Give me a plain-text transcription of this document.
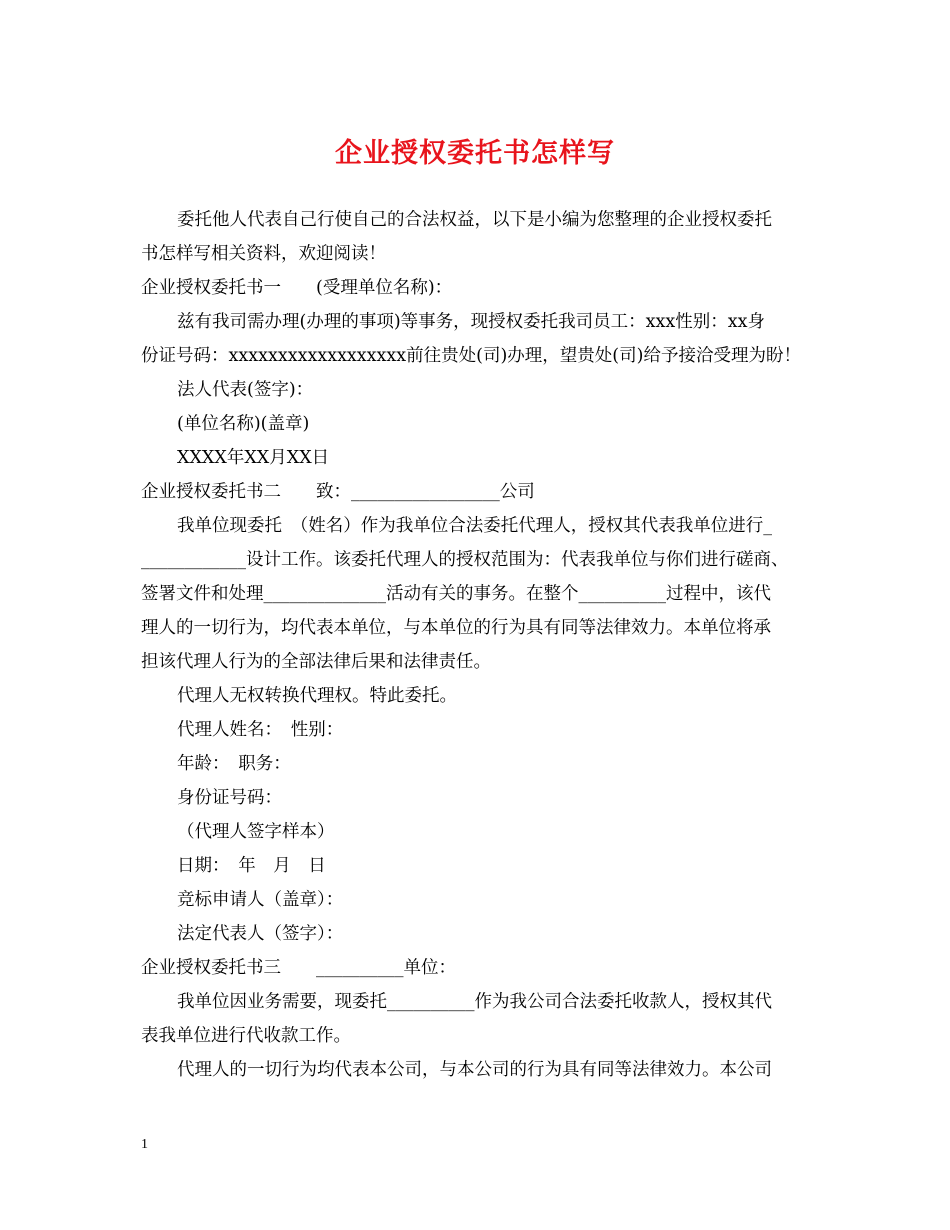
企业授权委托书怎样写
委托他人代表自己行使自己的合法权益，以下是小编为您整理的企业授权委托
书怎样写相关资料，欢迎阅读！
企业授权委托书一　　(受理单位名称)：
兹有我司需办理(办理的事项)等事务，现授权委托我司员工：xxx性别：xx身
份证号码：xxxxxxxxxxxxxxxxxx前往贵处(司)办理，望贵处(司)给予接洽受理为盼！
法人代表(签字)：
(单位名称)(盖章)
XXXX年XX月XX日
企业授权委托书二　　致：_________________公司
我单位现委托　（姓名）作为我单位合法委托代理人，授权其代表我单位进行_
____________设计工作。该委托代理人的授权范围为：代表我单位与你们进行磋商、
签署文件和处理______________活动有关的事务。在整个__________过程中，该代
理人的一切行为，均代表本单位，与本单位的行为具有同等法律效力。本单位将承
担该代理人行为的全部法律后果和法律责任。
代理人无权转换代理权。特此委托。
代理人姓名：　性别：
年龄：　职务：
身份证号码：
（代理人签字样本）
日期：　年　月　日
竞标申请人（盖章）：
法定代表人（签字）：
企业授权委托书三　　__________单位：
我单位因业务需要，现委托__________作为我公司合法委托收款人，授权其代
表我单位进行代收款工作。
代理人的一切行为均代表本公司，与本公司的行为具有同等法律效力。本公司
1
